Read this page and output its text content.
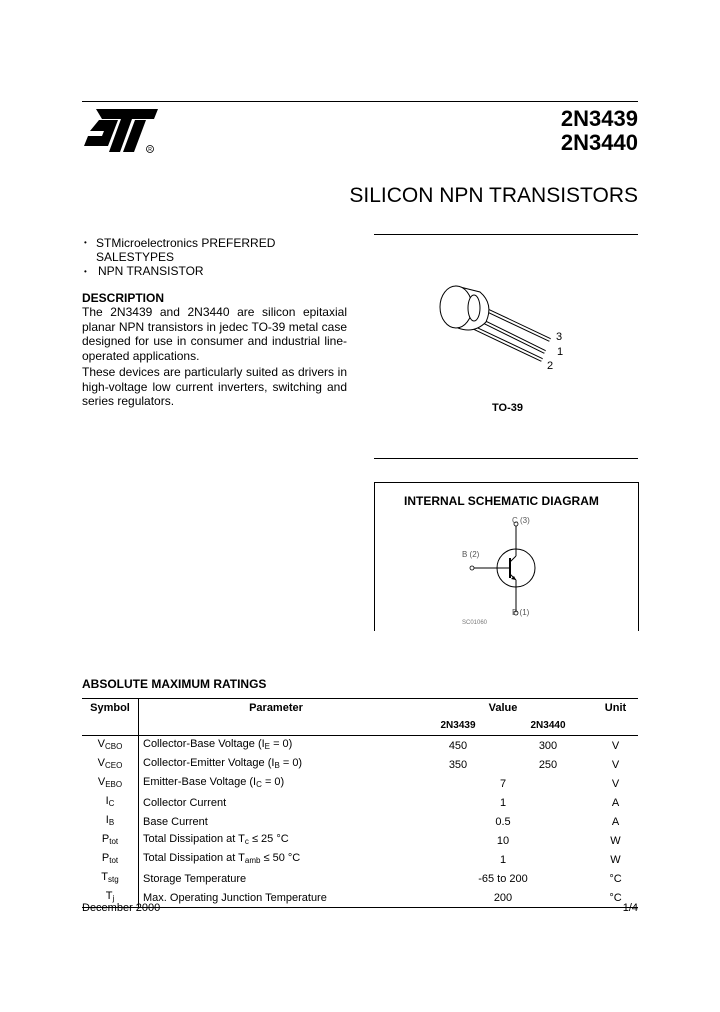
R
2N3439
2N3440
SILICON NPN TRANSISTORS
• STMicroelectronics PREFERRED
SALESTYPES
• NPN TRANSISTOR
DESCRIPTION
The 2N3439 and 2N3440 are silicon epitaxial planar NPN transistors in jedec TO-39 metal case designed for use in consumer and industrial line-operated applications.
These devices are particularly suited as drivers in high-voltage low current inverters, switching and series regulators.
3
1
2
TO-39
INTERNAL SCHEMATIC DIAGRAM
C (3)
B (2)
E (1)
SC01060
ABSOLUTE MAXIMUM RATINGS
Symbol	Parameter	Value		Unit
		2N3439	2N3440	
$V_{CBO}$	Collector-Base Voltage $(I_E = 0)$	450	300	V
$V_{CEO}$	Collector-Emitter Voltage $(I_B = 0)$	350	250	V
$V_{EBO}$	Emitter-Base Voltage $(I_C = 0)$	7		V
$I_C$	Collector Current	1		A
$I_B$	Base Current	0.5		A
$P_{tot}$	Total Dissipation at $T_c \le 25$ °C	10		W
$P_{tot}$	Total Dissipation at $T_{amb} \le 50$ °C	1		W
$T_{stg}$	Storage Temperature	-65 to 200		°C
$T_j$	Max. Operating Junction Temperature	200		°C
December 2000	1/4
